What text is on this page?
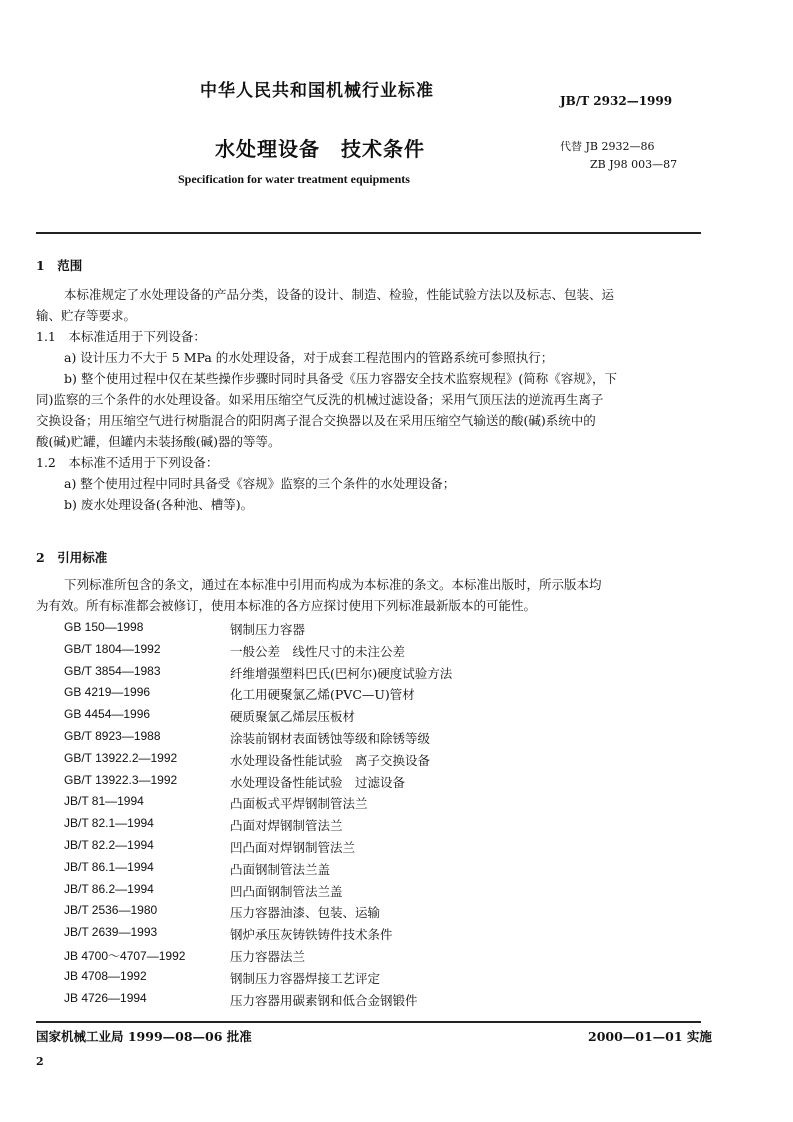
中华人民共和国机械行业标准	JB/T 2932—1999
水处理设备　技术条件	代替 JB 2932—86
ZB J98 003—87
Specification for water treatment equipments
1　范围
本标准规定了水处理设备的产品分类，设备的设计、制造、检验，性能试验方法以及标志、包装、运
输、贮存等要求。
1.1　本标准适用于下列设备：
a) 设计压力不大于 5 MPa 的水处理设备，对于成套工程范围内的管路系统可参照执行；
b) 整个使用过程中仅在某些操作步骤时同时具备受《压力容器安全技术监察规程》(简称《容规》，下
同)监察的三个条件的水处理设备。如采用压缩空气反洗的机械过滤设备；采用气顶压法的逆流再生离子
交换设备；用压缩空气进行树脂混合的阳阴离子混合交换器以及在采用压缩空气输送的酸(碱)系统中的
酸(碱)贮罐，但罐内未装扬酸(碱)器的等等。
1.2　本标准不适用于下列设备：
a) 整个使用过程中同时具备受《容规》监察的三个条件的水处理设备；
b) 废水处理设备(各种池、槽等)。
2　引用标准
下列标准所包含的条文，通过在本标准中引用而构成为本标准的条文。本标准出版时，所示版本均
为有效。所有标准都会被修订，使用本标准的各方应探讨使用下列标准最新版本的可能性。
GB 150—1998	钢制压力容器
GB/T 1804—1992	一般公差　线性尺寸的未注公差
GB/T 3854—1983	纤维增强塑料巴氏(巴柯尔)硬度试验方法
GB 4219—1996	化工用硬聚氯乙烯(PVC—U)管材
GB 4454—1996	硬质聚氯乙烯层压板材
GB/T 8923—1988	涂装前钢材表面锈蚀等级和除锈等级
GB/T 13922.2—1992	水处理设备性能试验　离子交换设备
GB/T 13922.3—1992	水处理设备性能试验　过滤设备
JB/T 81—1994	凸面板式平焊钢制管法兰
JB/T 82.1—1994	凸面对焊钢制管法兰
JB/T 82.2—1994	凹凸面对焊钢制管法兰
JB/T 86.1—1994	凸面钢制管法兰盖
JB/T 86.2—1994	凹凸面钢制管法兰盖
JB/T 2536—1980	压力容器油漆、包装、运输
JB/T 2639—1993	钢炉承压灰铸铁铸件技术条件
JB 4700～4707—1992	压力容器法兰
JB 4708—1992	钢制压力容器焊接工艺评定
JB 4726—1994	压力容器用碳素钢和低合金钢锻件
国家机械工业局 1999—08—06 批准	2000—01—01 实施
2
